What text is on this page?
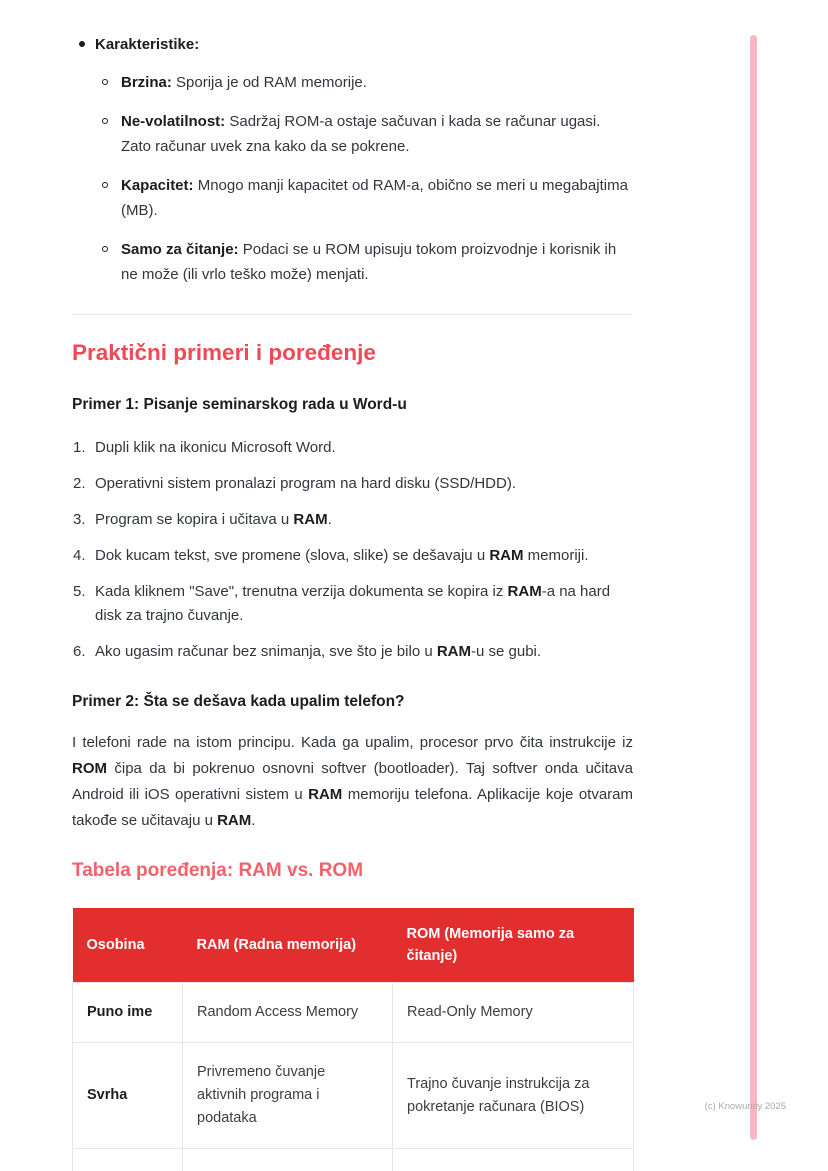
Karakteristike:
Brzina: Sporija je od RAM memorije.
Ne-volatilnost: Sadržaj ROM-a ostaje sačuvan i kada se računar ugasi. Zato računar uvek zna kako da se pokrene.
Kapacitet: Mnogo manji kapacitet od RAM-a, obično se meri u megabajtima (MB).
Samo za čitanje: Podaci se u ROM upisuju tokom proizvodnje i korisnik ih ne može (ili vrlo teško može) menjati.
Praktični primeri i poređenje
Primer 1: Pisanje seminarskog rada u Word-u
Dupli klik na ikonicu Microsoft Word.
Operativni sistem pronalazi program na hard disku (SSD/HDD).
Program se kopira i učitava u RAM.
Dok kucam tekst, sve promene (slova, slike) se dešavaju u RAM memoriji.
Kada kliknem "Save", trenutna verzija dokumenta se kopira iz RAM-a na hard disk za trajno čuvanje.
Ako ugasim računar bez snimanja, sve što je bilo u RAM-u se gubi.
Primer 2: Šta se dešava kada upalim telefon?

I telefoni rade na istom principu. Kada ga upalim, procesor prvo čita instrukcije iz ROM čipa da bi pokrenuo osnovni softver (bootloader). Taj softver onda učitava Android ili iOS operativni sistem u RAM memoriju telefona. Aplikacije koje otvaram takođe se učitavaju u RAM.

Tabela poređenja: RAM vs. ROM
Osobina	RAM (Radna memorija)	ROM (Memorija samo za čitanje)
Puno ime	Random Access Memory	Read-Only Memory
Svrha	Privremeno čuvanje aktivnih programa i podataka	Trajno čuvanje instrukcija za pokretanje računara (BIOS)
			(c) Knowunity 2025
